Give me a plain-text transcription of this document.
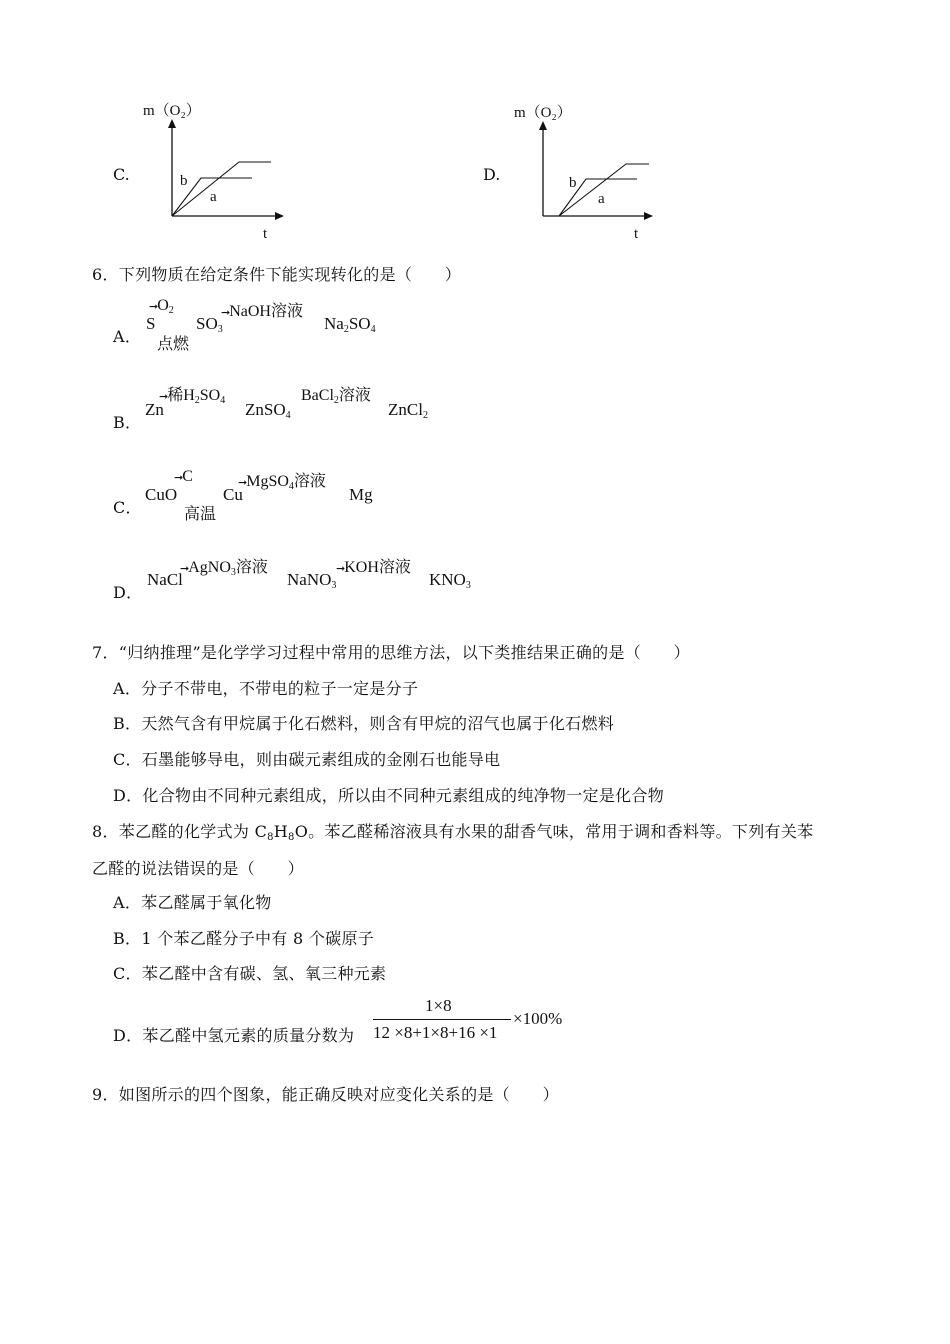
C.
m（O₂）
b
a
t
D.
m（O₂）
b
a
t
6．下列物质在给定条件下能实现转化的是（　　）
A．
S
$➞O_2$
点燃
$SO_3$
➞NaOH溶液
$Na_2SO_4$
B．
Zn
➞稀$H_2SO_4$ ZnSO$_4$
BaCl$_2$溶液
ZnCl$_2$
C．
CuO
➞C
高温
Cu
➞MgSO$_4$溶液
Mg
D．
NaCl
➞AgNO$_3$溶液
NaNO$_3$
➞KOH溶液
$KNO_3$
7．“归纳推理”是化学学习过程中常用的思维方法，以下类推结果正确的是（　　）
A．分子不带电，不带电的粒子一定是分子
B．天然气含有甲烷属于化石燃料，则含有甲烷的沼气也属于化石燃料
C．石墨能够导电，则由碳元素组成的金刚石也能导电
D．化合物由不同种元素组成，所以由不同种元素组成的纯净物一定是化合物
8．苯乙醛的化学式为 $C_8H_8O$。苯乙醛稀溶液具有水果的甜香气味，常用于调和香料等。下列有关苯
乙醛的说法错误的是（　　）
A．苯乙醛属于氧化物
B．1 个苯乙醛分子中有 8 个碳原子
C．苯乙醛中含有碳、氢、氧三种元素
D．苯乙醛中氢元素的质量分数为
1×8
12 ×8+1×8+16 ×1
×100%
9．如图所示的四个图象，能正确反映对应变化关系的是（　　）
